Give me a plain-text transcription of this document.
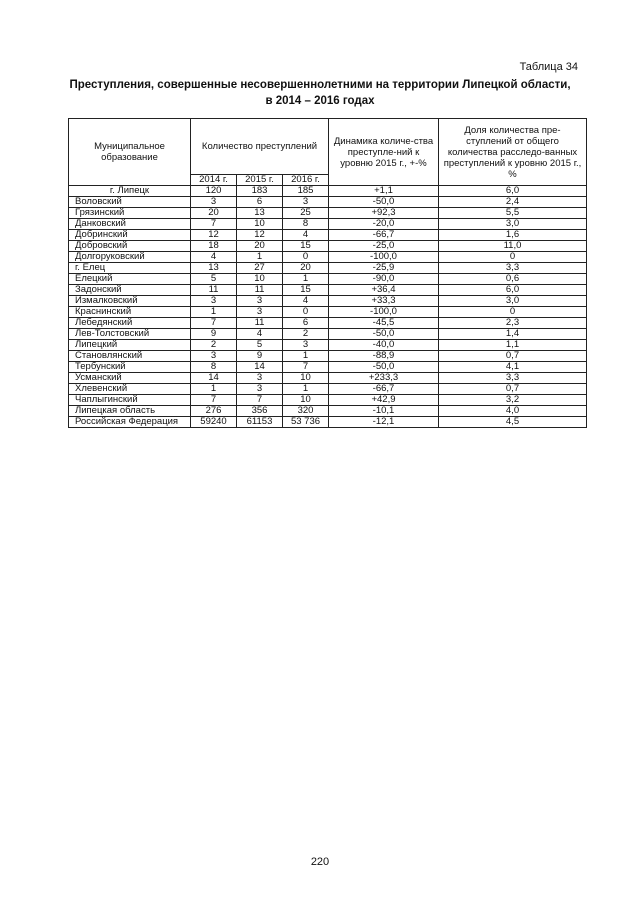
Таблица 34
Преступления, совершенные несовершеннолетними на территории Липецкой области,
в 2014 – 2016 годах
Муниципальное образование	Количество преступлений			Динамика количе-ства преступле-ний к уровню 2015 г., +-%	Доля количества пре-ступлений от общего количества расследо-ванных преступлений к уровню 2015 г., %
	2014 г.	2015 г.	2016 г.		
г. Липецк	120	183	185	+1,1	6,0
Воловский	3	6	3	-50,0	2,4
Грязинский	20	13	25	+92,3	5,5
Данковский	7	10	8	-20,0	3,0
Добринский	12	12	4	-66,7	1,6
Добровский	18	20	15	-25,0	11,0
Долгоруковский	4	1	0	-100,0	0
г. Елец	13	27	20	-25,9	3,3
Елецкий	5	10	1	-90,0	0,6
Задонский	11	11	15	+36,4	6,0
Измалковский	3	3	4	+33,3	3,0
Краснинский	1	3	0	-100,0	0
Лебедянский	7	11	6	-45,5	2,3
Лев-Толстовский	9	4	2	-50,0	1,4
Липецкий	2	5	3	-40,0	1,1
Становлянский	3	9	1	-88,9	0,7
Тербунский	8	14	7	-50,0	4,1
Усманский	14	3	10	+233,3	3,3
Хлевенский	1	3	1	-66,7	0,7
Чаплыгинский	7	7	10	+42,9	3,2
Липецкая область	276	356	320	-10,1	4,0
Российская Федерация	59240	61153	53 736	-12,1	4,5
220
